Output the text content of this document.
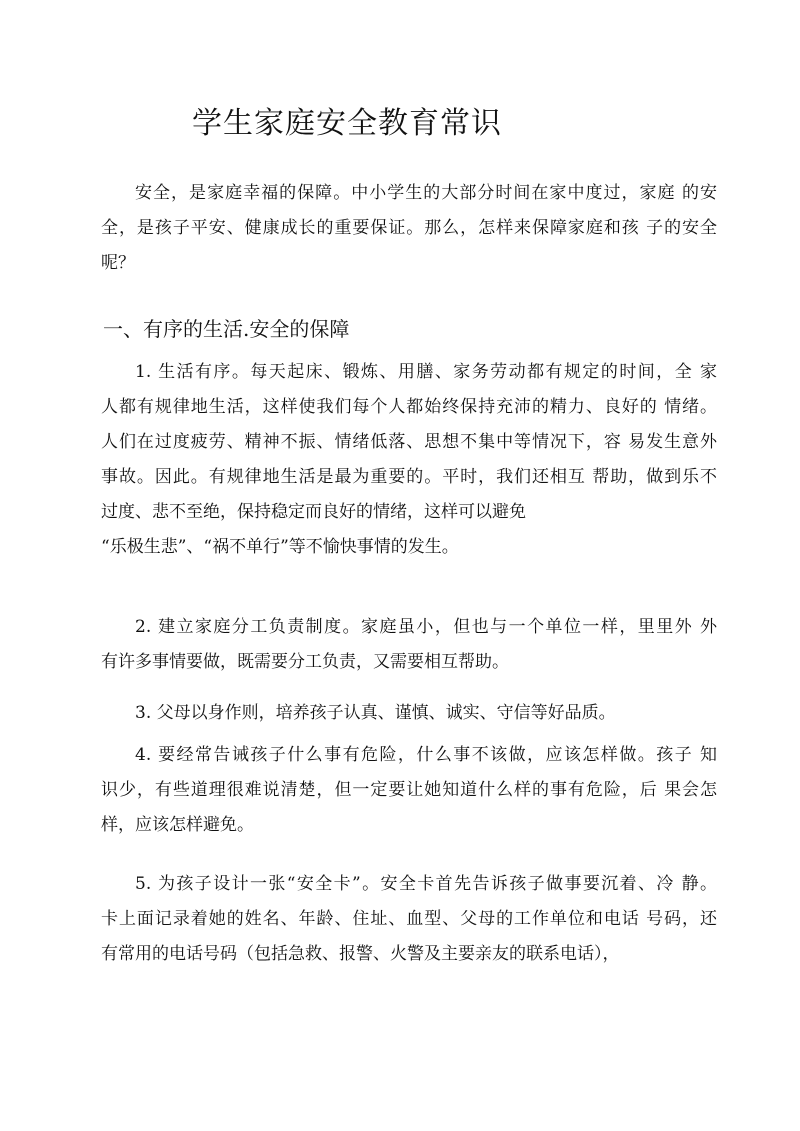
学生家庭安全教育常识

安全，是家庭幸福的保障。中小学生的大部分时间在家中度过，家庭 的安
全，是孩子平安、健康成长的重要保证。那么，怎样来保障家庭和孩 子的安全
呢？

一、有序的生活.安全的保障

1. 生活有序。每天起床、锻炼、用膳、家务劳动都有规定的时间，全 家
人都有规律地生活，这样使我们每个人都始终保持充沛的精力、良好的 情绪。
人们在过度疲劳、精神不振、情绪低落、思想不集中等情况下，容 易发生意外
事故。因此。有规律地生活是最为重要的。平时，我们还相互 帮助，做到乐不
过度、悲不至绝，保持稳定而良好的情绪，这样可以避免
“乐极生悲”、“祸不单行”等不愉快事情的发生。

2. 建立家庭分工负责制度。家庭虽小，但也与一个单位一样，里里外 外
有许多事情要做，既需要分工负责，又需要相互帮助。

3. 父母以身作则，培养孩子认真、谨慎、诚实、守信等好品质。

4. 要经常告诫孩子什么事有危险，什么事不该做，应该怎样做。孩子 知
识少，有些道理很难说清楚，但一定要让她知道什么样的事有危险，后 果会怎
样，应该怎样避免。

5. 为孩子设计一张“安全卡”。安全卡首先告诉孩子做事要沉着、冷 静。
卡上面记录着她的姓名、年龄、住址、血型、父母的工作单位和电话 号码，还
有常用的电话号码（包括急救、报警、火警及主要亲友的联系电话），
